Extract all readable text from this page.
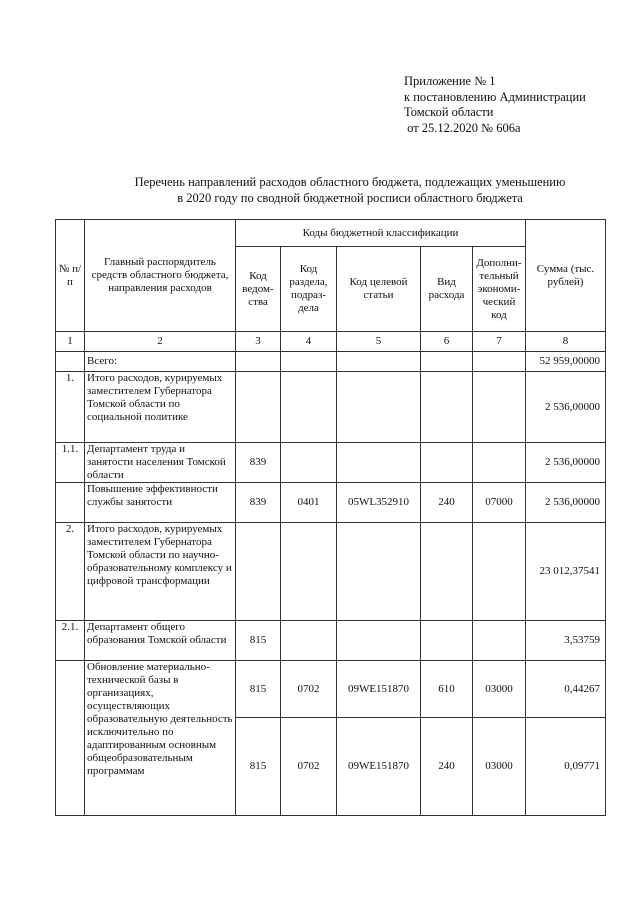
Приложение № 1
к постановлению Администрации
Томской области
от 25.12.2020 № 606а
Перечень направлений расходов областного бюджета, подлежащих уменьшению
в 2020 году по сводной бюджетной росписи областного бюджета
№ п/п	Главный распорядитель средств областного бюджета, направления расходов	Коды бюджетной классификации					Сумма (тыс. рублей)
		Код ведом-ства	Код раздела, подраз-дела	Код целевой статьи	Вид расхода	Дополни-тельный экономи-ческий код	
1	2	3	4	5	6	7	8
	Всего:						52 959,00000
1.	Итого расходов, курируемых заместителем Губернатора Томской области по социальной политике						2 536,00000
1.1.	Департамент труда и занятости населения Томской области	839					2 536,00000
	Повышение эффективности службы занятости	839	0401	05WL352910	240	07000	2 536,00000
2.	Итого расходов, курируемых заместителем Губернатора Томской области по научно-образовательному комплексу и цифровой трансформации						23 012,37541
2.1.	Департамент общего образования Томской области	815					3,53759
	Обновление материально-технической базы в организациях, осуществляющих образовательную деятельность исключительно по адаптированным основным общеобразовательным программам	815	0702	09WE151870	610	03000	0,44267
		815	0702	09WE151870	240	03000	0,09771
